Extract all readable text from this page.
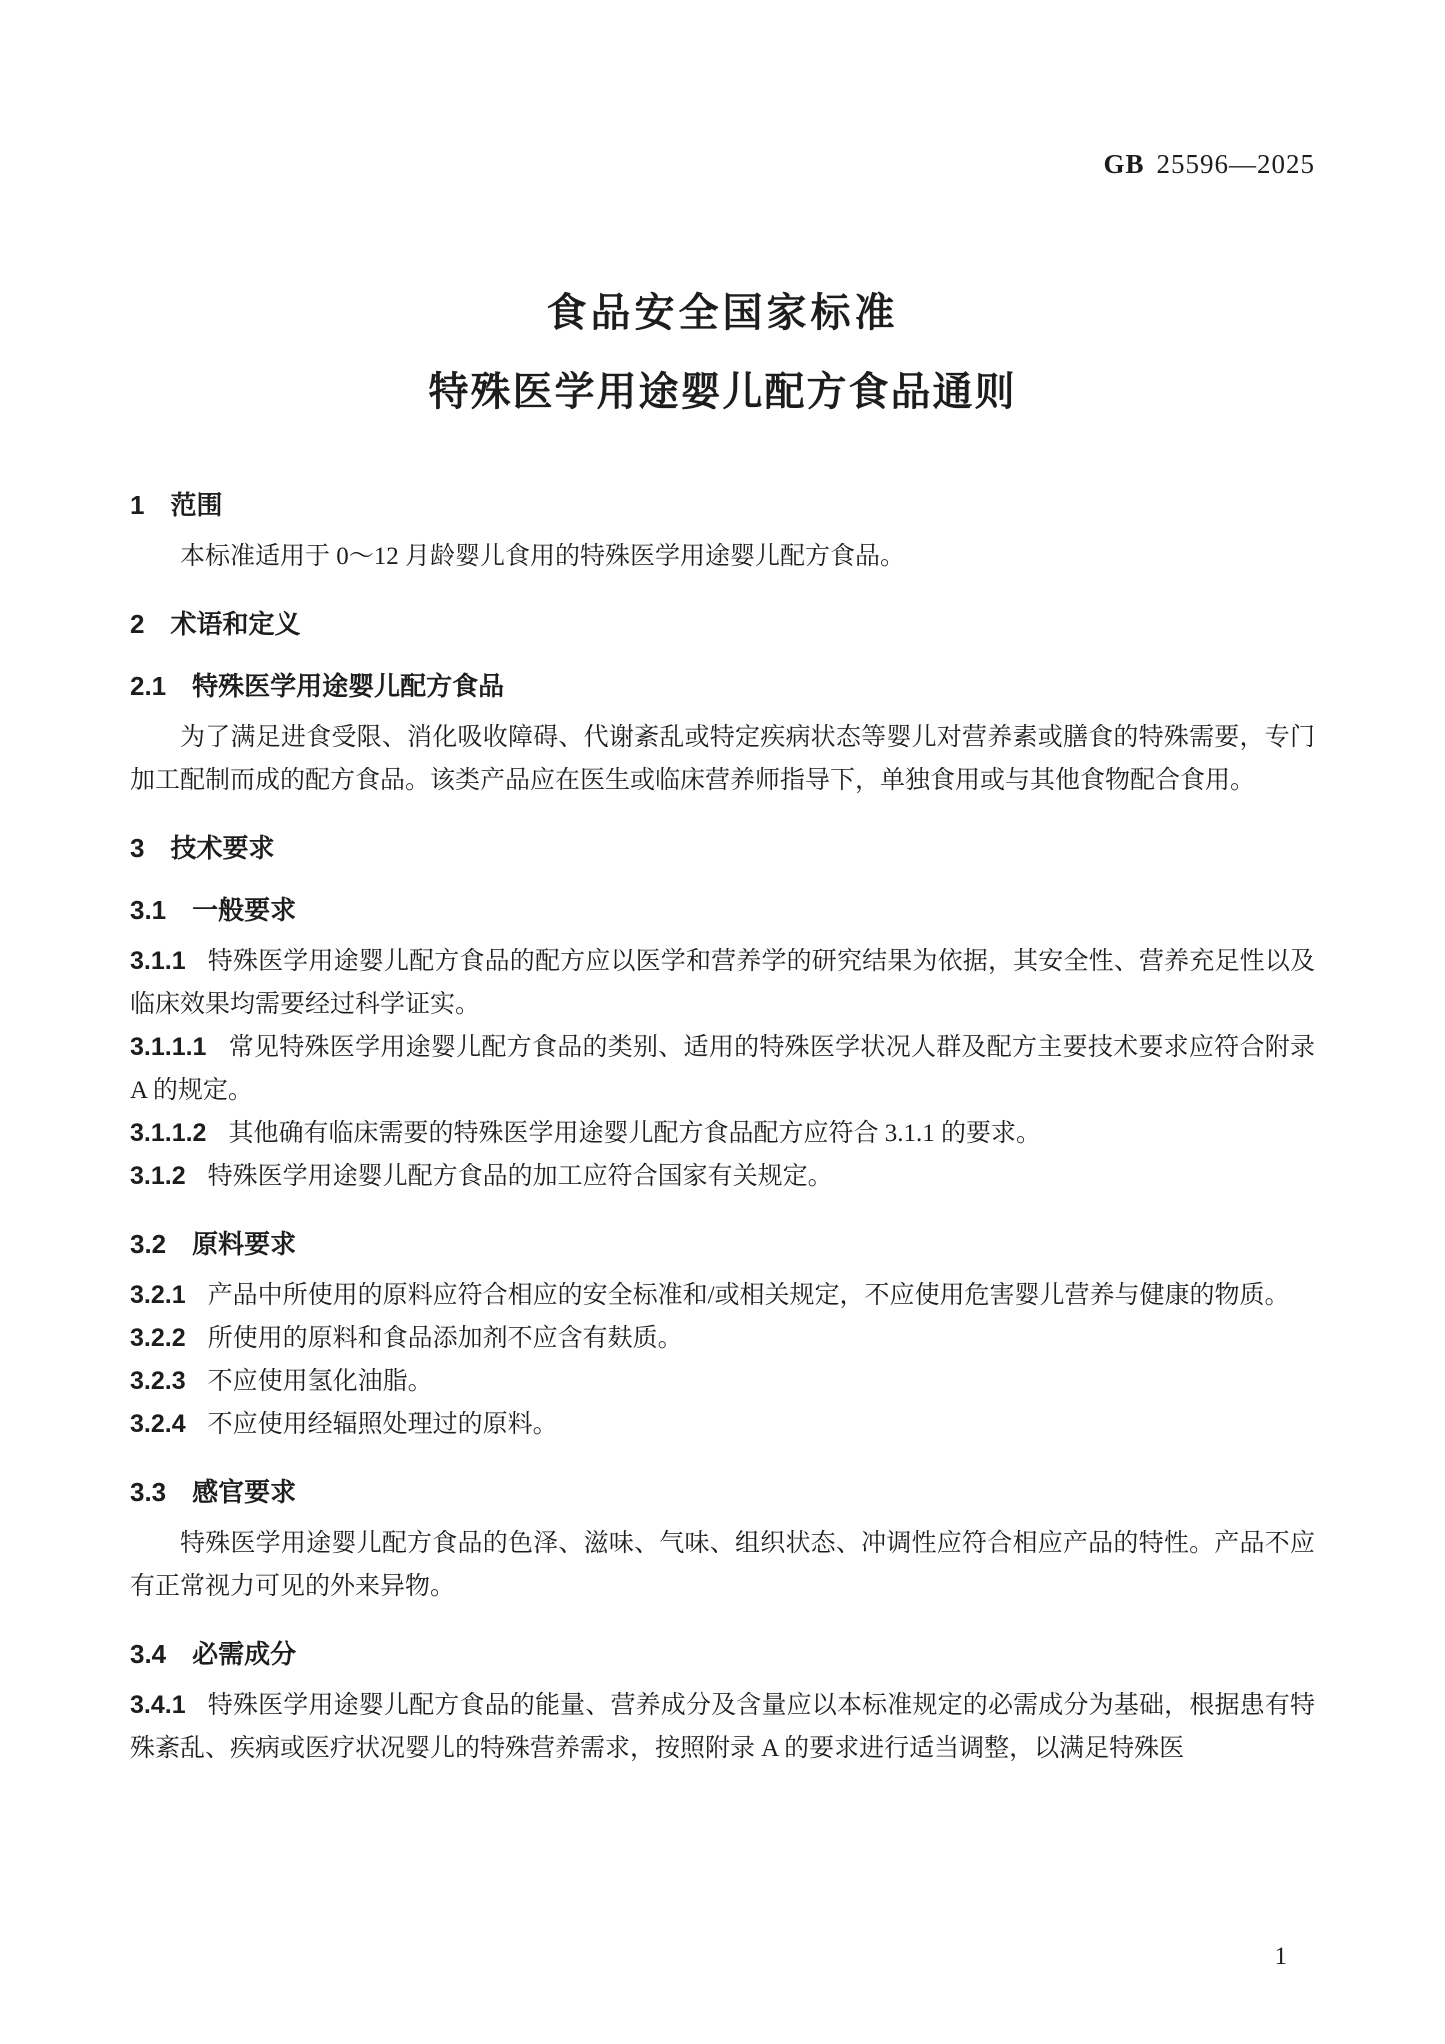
GB 25596—2025
食品安全国家标准
特殊医学用途婴儿配方食品通则
1 范围

本标准适用于 0～12 月龄婴儿食用的特殊医学用途婴儿配方食品。

2 术语和定义
2.1 特殊医学用途婴儿配方食品

为了满足进食受限、消化吸收障碍、代谢紊乱或特定疾病状态等婴儿对营养素或膳食的特殊需要，专门加工配制而成的配方食品。该类产品应在医生或临床营养师指导下，单独食用或与其他食物配合食用。

3 技术要求
3.1 一般要求

3.1.1 特殊医学用途婴儿配方食品的配方应以医学和营养学的研究结果为依据，其安全性、营养充足性以及临床效果均需要经过科学证实。

3.1.1.1 常见特殊医学用途婴儿配方食品的类别、适用的特殊医学状况人群及配方主要技术要求应符合附录 A 的规定。

3.1.1.2 其他确有临床需要的特殊医学用途婴儿配方食品配方应符合 3.1.1 的要求。

3.1.2 特殊医学用途婴儿配方食品的加工应符合国家有关规定。

3.2 原料要求

3.2.1 产品中所使用的原料应符合相应的安全标准和/或相关规定，不应使用危害婴儿营养与健康的物质。

3.2.2 所使用的原料和食品添加剂不应含有麸质。

3.2.3 不应使用氢化油脂。

3.2.4 不应使用经辐照处理过的原料。

3.3 感官要求

特殊医学用途婴儿配方食品的色泽、滋味、气味、组织状态、冲调性应符合相应产品的特性。产品不应有正常视力可见的外来异物。

3.4 必需成分

3.4.1 特殊医学用途婴儿配方食品的能量、营养成分及含量应以本标准规定的必需成分为基础，根据患有特殊紊乱、疾病或医疗状况婴儿的特殊营养需求，按照附录 A 的要求进行适当调整，以满足特殊医

1
